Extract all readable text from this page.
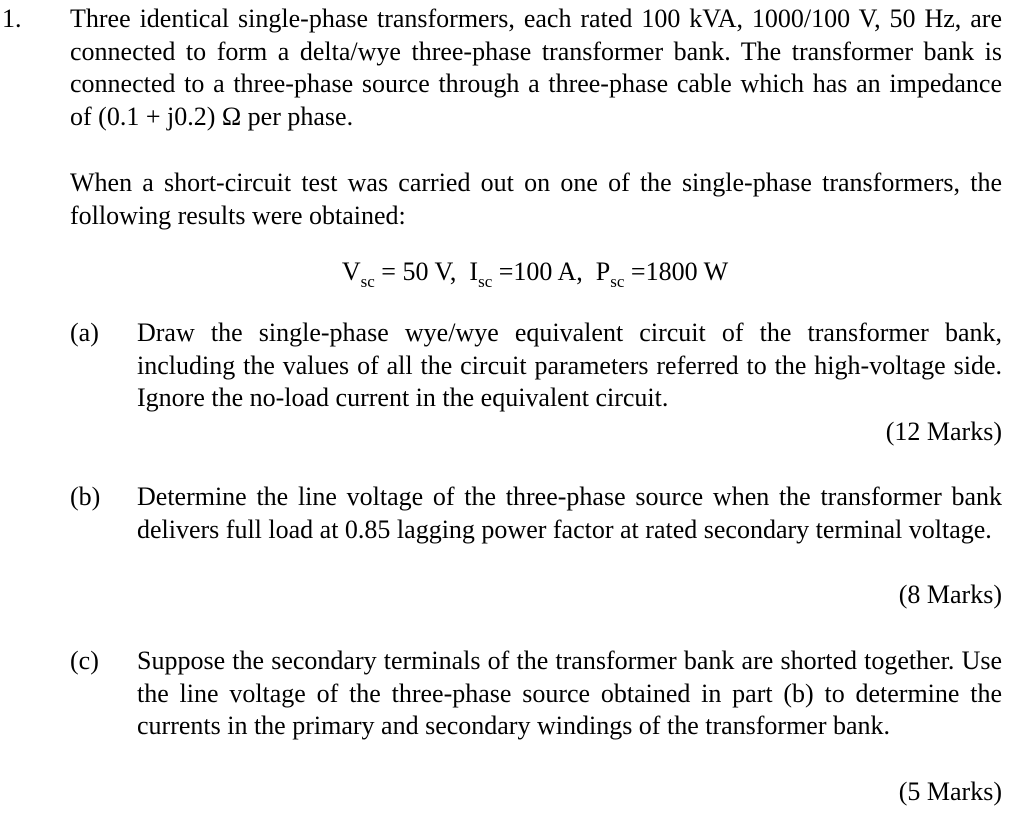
1. Three identical single-phase transformers, each rated 100 kVA, 1000/100 V, 50 Hz, are connected to form a delta/wye three-phase transformer bank. The transformer bank is connected to a three-phase source through a three-phase cable which has an impedance of (0.1 + j0.2) Ω per phase.
When a short-circuit test was carried out on one of the single-phase transformers, the following results were obtained:
$V_{sc} = 50$ V,  $I_{sc} =100$ A,  $P_{sc} =1800$ W
(a) Draw the single-phase wye/wye equivalent circuit of the transformer bank, including the values of all the circuit parameters referred to the high-voltage side. Ignore the no-load current in the equivalent circuit.
(12 Marks)
(b) Determine the line voltage of the three-phase source when the transformer bank delivers full load at 0.85 lagging power factor at rated secondary terminal voltage.
(8 Marks)
(c) Suppose the secondary terminals of the transformer bank are shorted together. Use the line voltage of the three-phase source obtained in part (b) to determine the currents in the primary and secondary windings of the transformer bank.
(5 Marks)
